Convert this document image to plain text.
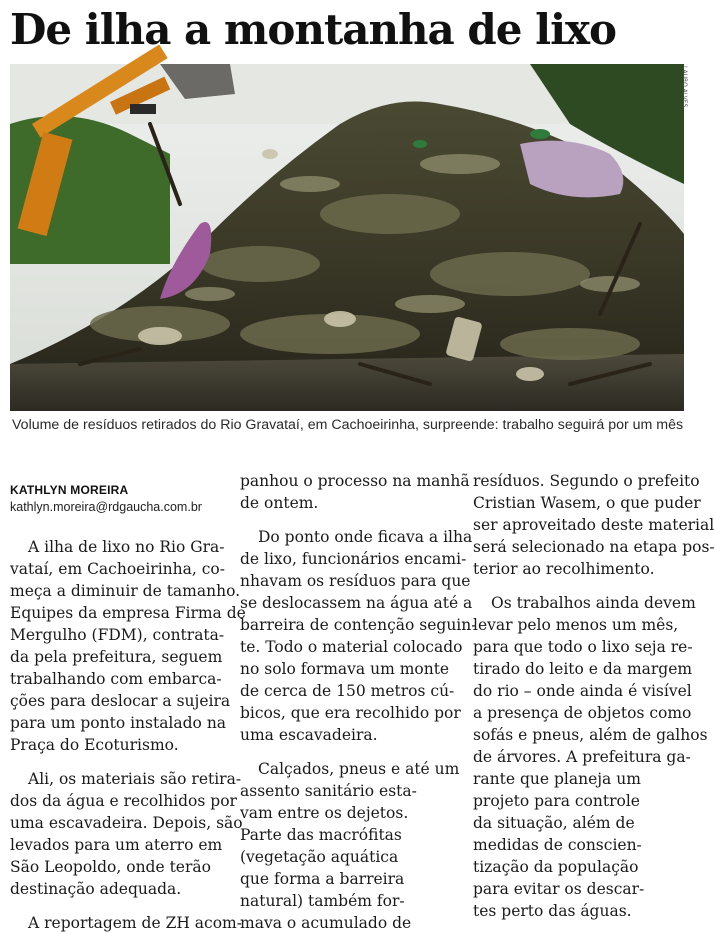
De ilha a montanha de lixo
LAURO ALVES

Volume de resíduos retirados do Rio Gravataí, em Cachoeirinha, surpreende: trabalho seguirá por um mês

KATHLYN MOREIRA
kathlyn.moreira@rdgaucha.com.br
A ilha de lixo no Rio Gra-
vataí, em Cachoeirinha, co-
meça a diminuir de tamanho.
Equipes da empresa Firma de
Mergulho (FDM), contrata-
da pela prefeitura, seguem
trabalhando com embarca-
ções para deslocar a sujeira
para um ponto instalado na
Praça do Ecoturismo.
Ali, os materiais são retira-
dos da água e recolhidos por
uma escavadeira. Depois, são
levados para um aterro em
São Leopoldo, onde terão
destinação adequada.
A reportagem de ZH acom-
panhou o processo na manhã
de ontem.
Do ponto onde ficava a ilha
de lixo, funcionários encami-
nhavam os resíduos para que
se deslocassem na água até a
barreira de contenção seguin-
te. Todo o material colocado
no solo formava um monte
de cerca de 150 metros cú-
bicos, que era recolhido por
uma escavadeira.
Calçados, pneus e até um
assento sanitário esta-
vam entre os dejetos.
Parte das macrófitas
(vegetação aquática
que forma a barreira
natural) também for-
mava o acumulado de
resíduos. Segundo o prefeito
Cristian Wasem, o que puder
ser aproveitado deste material
será selecionado na etapa pos-
terior ao recolhimento.
Os trabalhos ainda devem
levar pelo menos um mês,
para que todo o lixo seja re-
tirado do leito e da margem
do rio – onde ainda é visível
a presença de objetos como
sofás e pneus, além de galhos
de árvores. A prefeitura ga-
rante que planeja um
projeto para controle
da situação, além de
medidas de conscien-
tização da população
para evitar os descar-
tes perto das águas.
